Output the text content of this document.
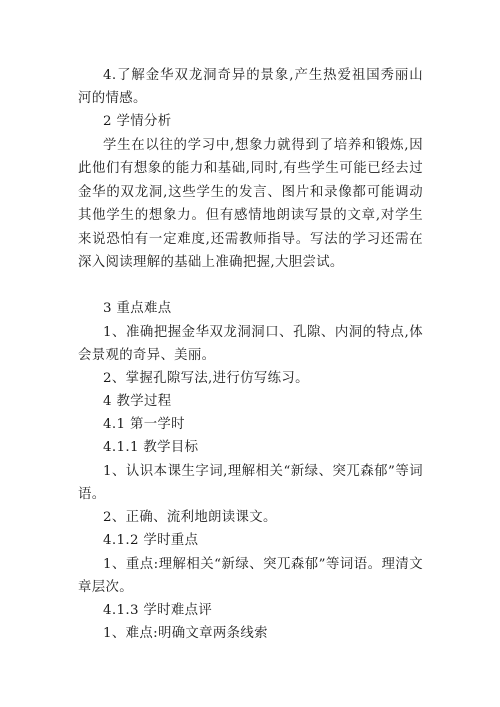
4.了解金华双龙洞奇异的景象,产生热爱祖国秀丽山河的情感。

2 学情分析

学生在以往的学习中,想象力就得到了培养和锻炼,因此他们有想象的能力和基础,同时,有些学生可能已经去过金华的双龙洞,这些学生的发言、图片和录像都可能调动其他学生的想象力。但有感情地朗读写景的文章,对学生来说恐怕有一定难度,还需教师指导。写法的学习还需在深入阅读理解的基础上准确把握,大胆尝试。

3 重点难点

1、准确把握金华双龙洞洞口、孔隙、内洞的特点,体会景观的奇异、美丽。

2、掌握孔隙写法,进行仿写练习。

4 教学过程

4.1 第一学时

4.1.1 教学目标

1、认识本课生字词,理解相关“新绿、突兀森郁”等词语。

2、正确、流利地朗读课文。

4.1.2 学时重点

1、重点:理解相关“新绿、突兀森郁”等词语。理清文章层次。

4.1.3 学时难点评

1、难点:明确文章两条线索
